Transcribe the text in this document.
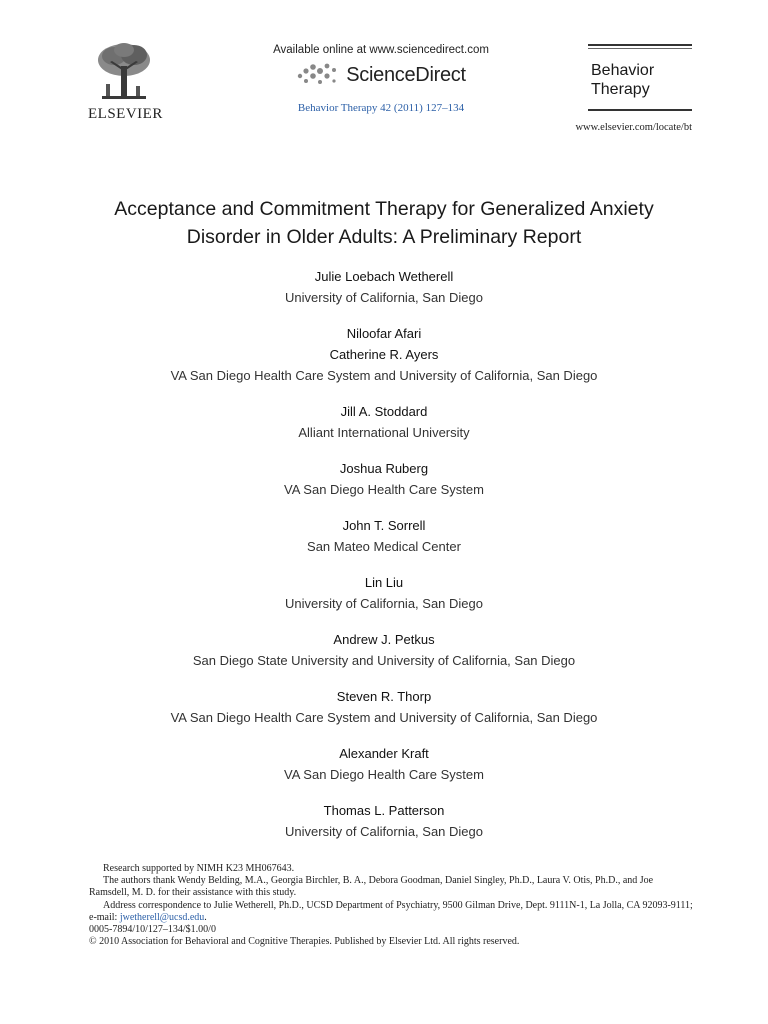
ELSEVIER
Available online at www.sciencedirect.com
ScienceDirect
Behavior Therapy 42 (2011) 127–134
Behavior
Therapy
www.elsevier.com/locate/bt
Acceptance and Commitment Therapy for Generalized Anxiety
Disorder in Older Adults: A Preliminary Report
Julie Loebach Wetherell
University of California, San Diego
Niloofar Afari
Catherine R. Ayers
VA San Diego Health Care System and University of California, San Diego
Jill A. Stoddard
Alliant International University
Joshua Ruberg
VA San Diego Health Care System
John T. Sorrell
San Mateo Medical Center
Lin Liu
University of California, San Diego
Andrew J. Petkus
San Diego State University and University of California, San Diego
Steven R. Thorp
VA San Diego Health Care System and University of California, San Diego
Alexander Kraft
VA San Diego Health Care System
Thomas L. Patterson
University of California, San Diego

Research supported by NIMH K23 MH067643.

The authors thank Wendy Belding, M.A., Georgia Birchler, B. A., Debora Goodman, Daniel Singley, Ph.D., Laura V. Otis, Ph.D., and Joe Ramsdell, M. D. for their assistance with this study.

Address correspondence to Julie Wetherell, Ph.D., UCSD Department of Psychiatry, 9500 Gilman Drive, Dept. 9111N-1, La Jolla, CA 92093-9111; e-mail: jwetherell@ucsd.edu.

0005-7894/10/127–134/$1.00/0

© 2010 Association for Behavioral and Cognitive Therapies. Published by Elsevier Ltd. All rights reserved.
